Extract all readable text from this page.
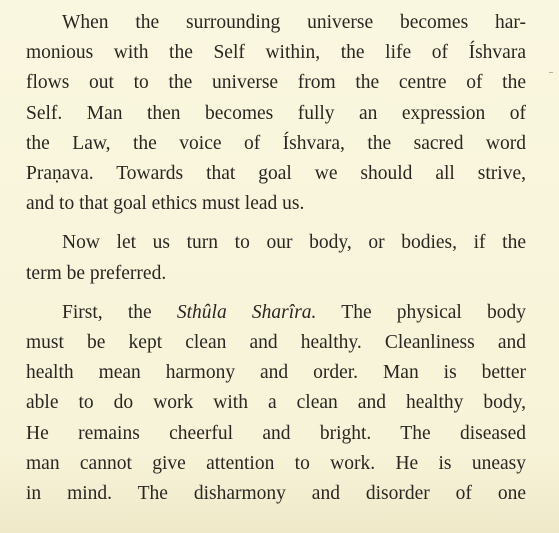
When the surrounding universe becomes har-
monious with the Self within, the life of Íshvara
flows out to the universe from the centre of the
Self. Man then becomes fully an expression of
the Law, the voice of Íshvara, the sacred word
Praṇava. Towards that goal we should all strive,
and to that goal ethics must lead us.

Now let us turn to our body, or bodies, if the
term be preferred.

First, the Sthûla Sharîra. The physical body
must be kept clean and healthy. Cleanliness and
health mean harmony and order. Man is better
able to do work with a clean and healthy body,
He remains cheerful and bright. The diseased
man cannot give attention to work. He is uneasy
in mind. The disharmony and disorder of one
